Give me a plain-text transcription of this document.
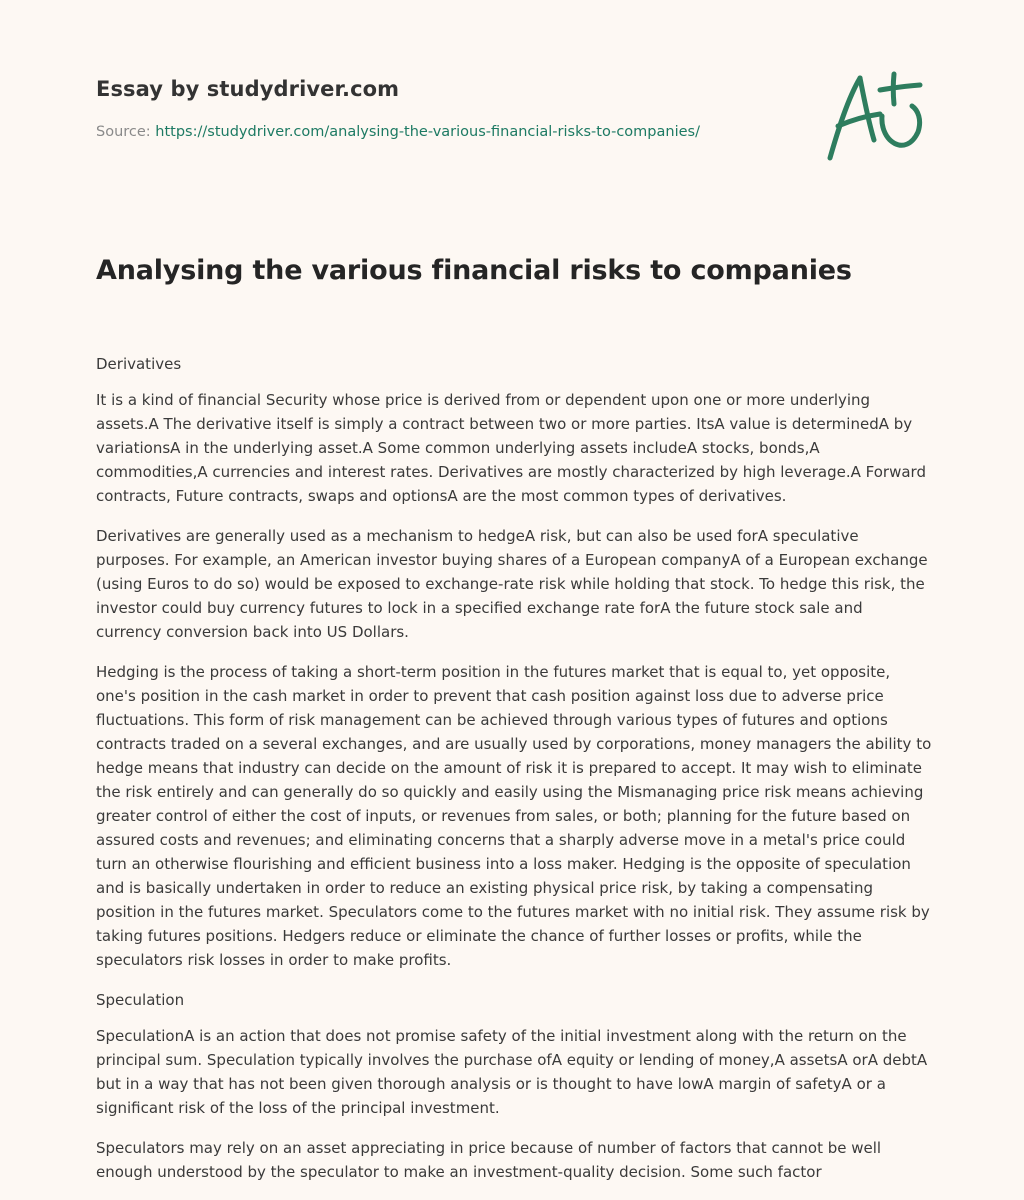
Essay by studydriver.com
Source: https://studydriver.com/analysing-the-various-financial-risks-to-companies/
Analysing the various financial risks to companies

Derivatives

It is a kind of financial Security whose price is derived from or dependent upon one or more underlying assets.A The derivative itself is simply a contract between two or more parties. ItsA value is determinedA by variationsA in the underlying asset.A Some common underlying assets includeA stocks, bonds,A commodities,A currencies and interest rates. Derivatives are mostly characterized by high leverage.A Forward contracts, Future contracts, swaps and optionsA are the most common types of derivatives.

Derivatives are generally used as a mechanism to hedgeA risk, but can also be used forA speculative purposes. For example, an American investor buying shares of a European companyA of a European exchange (using Euros to do so) would be exposed to exchange-rate risk while holding that stock. To hedge this risk, the investor could buy currency futures to lock in a specified exchange rate forA the future stock sale and currency conversion back into US Dollars.

Hedging is the process of taking a short-term position in the futures market that is equal to, yet opposite, one's position in the cash market in order to prevent that cash position against loss due to adverse price fluctuations. This form of risk management can be achieved through various types of futures and options contracts traded on a several exchanges, and are usually used by corporations, money managers the ability to hedge means that industry can decide on the amount of risk it is prepared to accept. It may wish to eliminate the risk entirely and can generally do so quickly and easily using the Mismanaging price risk means achieving greater control of either the cost of inputs, or revenues from sales, or both; planning for the future based on assured costs and revenues; and eliminating concerns that a sharply adverse move in a metal's price could turn an otherwise flourishing and efficient business into a loss maker. Hedging is the opposite of speculation and is basically undertaken in order to reduce an existing physical price risk, by taking a compensating position in the futures market. Speculators come to the futures market with no initial risk. They assume risk by taking futures positions. Hedgers reduce or eliminate the chance of further losses or profits, while the speculators risk losses in order to make profits.

Speculation

SpeculationA is an action that does not promise safety of the initial investment along with the return on the principal sum. Speculation typically involves the purchase ofA equity or lending of money,A assetsA orA debtA but in a way that has not been given thorough analysis or is thought to have lowA margin of safetyA or a significant risk of the loss of the principal investment.

Speculators may rely on an asset appreciating in price because of number of factors that cannot be well enough understood by the speculator to make an investment-quality decision. Some such factor
